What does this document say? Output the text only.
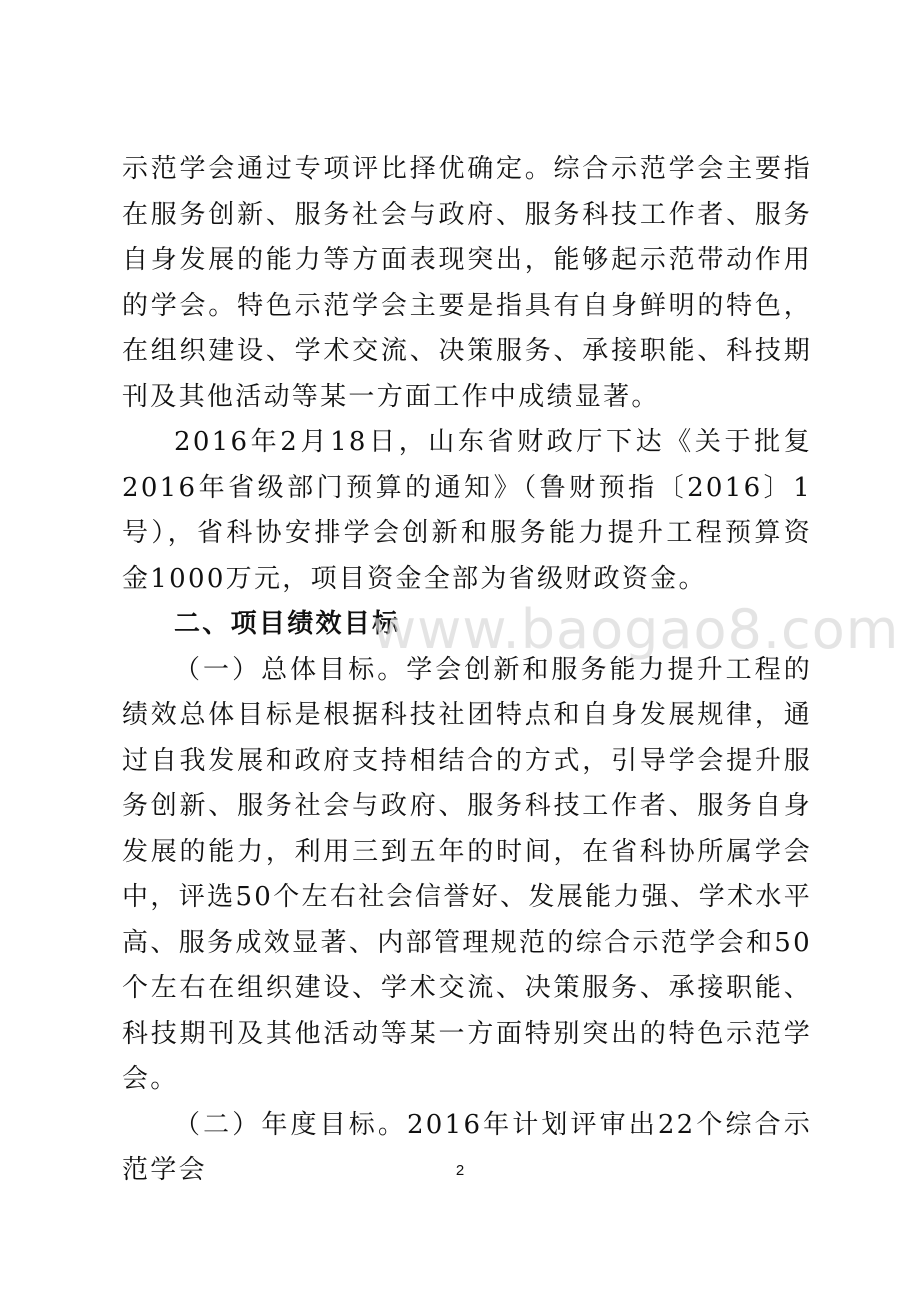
示范学会通过专项评比择优确定。综合示范学会主要指在服务创新、服务社会与政府、服务科技工作者、服务自身发展的能力等方面表现突出，能够起示范带动作用的学会。特色示范学会主要是指具有自身鲜明的特色，在组织建设、学术交流、决策服务、承接职能、科技期刊及其他活动等某一方面工作中成绩显著。

2016年2月18日，山东省财政厅下达《关于批复2016年省级部门预算的通知》（鲁财预指〔2016〕1号），省科协安排学会创新和服务能力提升工程预算资金1000万元，项目资金全部为省级财政资金。

二、项目绩效目标

（一）总体目标。学会创新和服务能力提升工程的绩效总体目标是根据科技社团特点和自身发展规律，通过自我发展和政府支持相结合的方式，引导学会提升服务创新、服务社会与政府、服务科技工作者、服务自身发展的能力，利用三到五年的时间，在省科协所属学会中，评选50个左右社会信誉好、发展能力强、学术水平高、服务成效显著、内部管理规范的综合示范学会和50个左右在组织建设、学术交流、决策服务、承接职能、科技期刊及其他活动等某一方面特别突出的特色示范学会。

（二）年度目标。2016年计划评审出22个综合示范学会

www.baogao8.com
2
